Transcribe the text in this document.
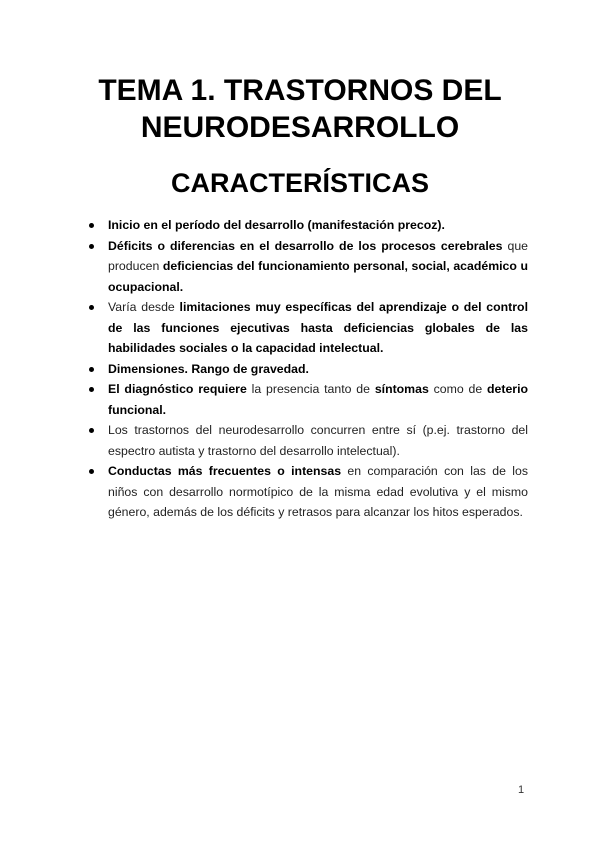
TEMA 1. TRASTORNOS DEL
NEURODESARROLLO
CARACTERÍSTICAS
Inicio en el período del desarrollo (manifestación precoz).
Déficits o diferencias en el desarrollo de los procesos cerebrales que producen deficiencias del funcionamiento personal, social, académico u ocupacional.
Varía desde limitaciones muy específicas del aprendizaje o del control de las funciones ejecutivas hasta deficiencias globales de las habilidades sociales o la capacidad intelectual.
Dimensiones. Rango de gravedad.
El diagnóstico requiere la presencia tanto de síntomas como de deterio funcional.
Los trastornos del neurodesarrollo concurren entre sí (p.ej. trastorno del espectro autista y trastorno del desarrollo intelectual).
Conductas más frecuentes o intensas en comparación con las de los niños con desarrollo normotípico de la misma edad evolutiva y el mismo género, además de los déficits y retrasos para alcanzar los hitos esperados.
1
